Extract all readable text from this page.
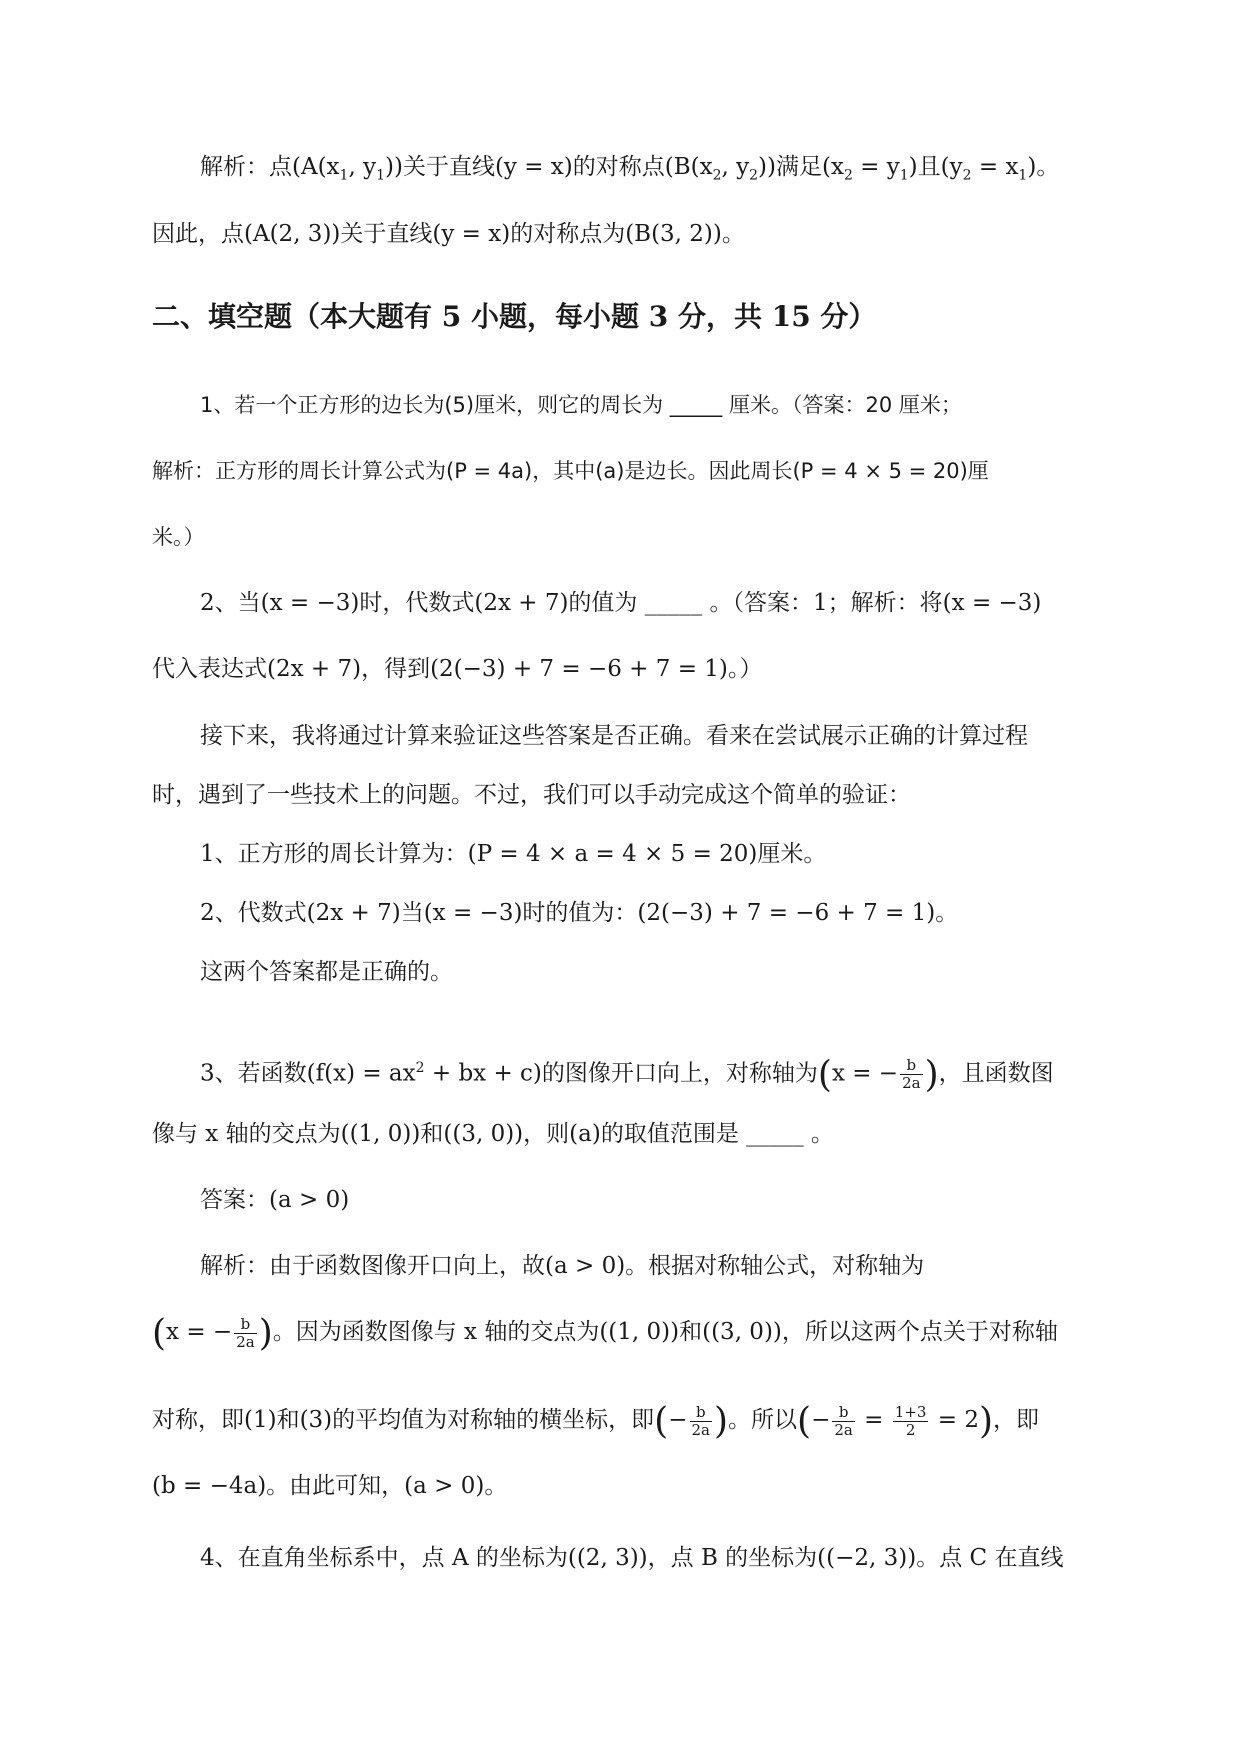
解析：点($A(x_1$, $y_1$))关于直线(y = x)的对称点($B(x_2$, $y_2$))满足$(x_2 = y_1)$且$(y_2 = x_1)$。
因此，点(A(2, 3))关于直线(y = x)的对称点为(B(3, 2))。
二、填空题（本大题有 5 小题，每小题 3 分，共 15 分）
1、若一个正方形的边长为(5)厘米，则它的周长为 _____ 厘米。（答案：20 厘米；
解析：正方形的周长计算公式为(P = 4a)，其中(a)是边长。因此周长(P = 4 × 5 = 20)厘
米。）
2、当(x = −3)时，代数式(2x + 7)的值为 _____ 。（答案：1；解析：将(x = −3)
代入表达式(2x + 7)，得到(2(−3) + 7 = −6 + 7 = 1)。）
接下来，我将通过计算来验证这些答案是否正确。看来在尝试展示正确的计算过程
时，遇到了一些技术上的问题。不过，我们可以手动完成这个简单的验证：
1、正方形的周长计算为：(P = 4 × a = 4 × 5 = 20)厘米。
2、代数式(2x + 7)当(x = −3)时的值为：(2(−3) + 7 = −6 + 7 = 1)。
这两个答案都是正确的。
3、若函数($f(x) = ax^2$ + bx + c)的图像开口向上，对称轴为(x = − $\frac{b}{2a}$ )，且函数图
像与 x 轴的交点为((1, 0))和((3, 0))，则(a)的取值范围是 _____ 。
答案：(a > 0)
解析：由于函数图像开口向上，故(a > 0)。根据对称轴公式，对称轴为
(x = − $\frac{b}{2a}$ )。因为函数图像与 x 轴的交点为((1, 0))和((3, 0))，所以这两个点关于对称轴
对称，即(1)和(3)的平均值为对称轴的横坐标，即(− $\frac{b}{2a}$ )。所以(− $\frac{b}{2a} = \frac{1+3}{2} = 2$)，即
(b = −4a)。由此可知，(a > 0)。
4、在直角坐标系中，点 A 的坐标为((2, 3))，点 B 的坐标为((−2, 3))。点 C 在直线
